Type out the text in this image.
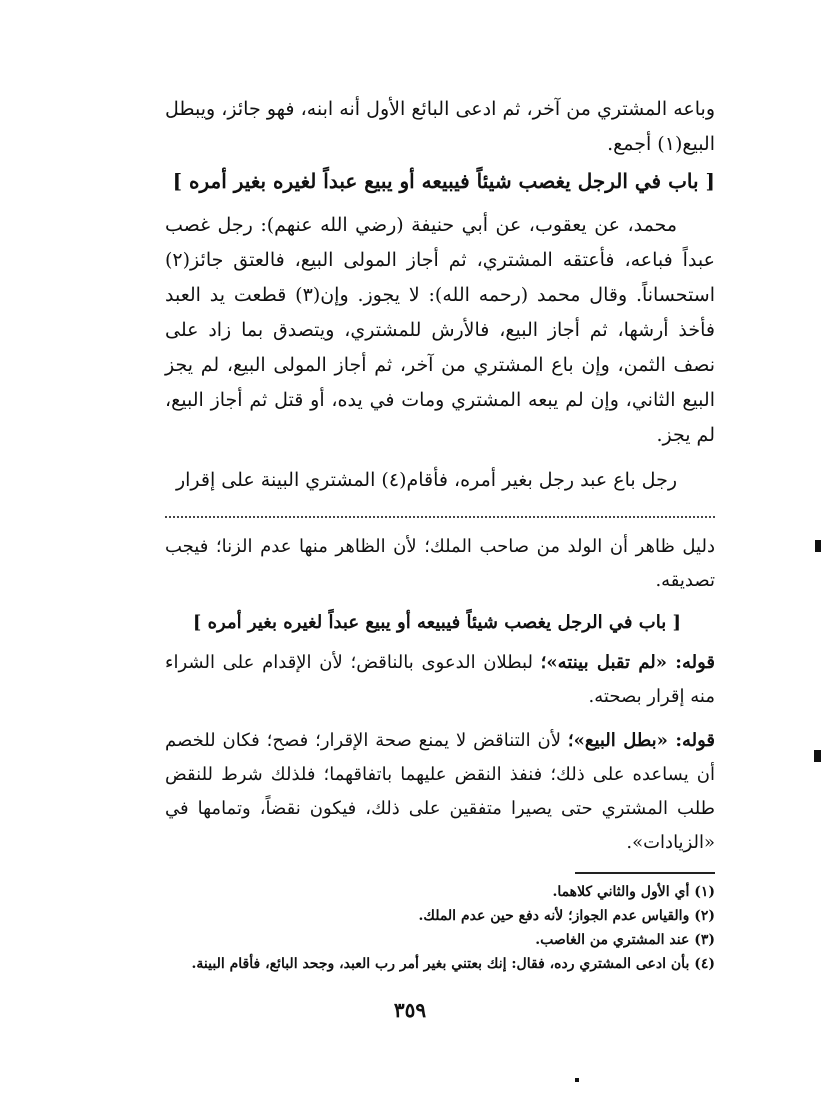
وباعه المشتري من آخر، ثم ادعى البائع الأول أنه ابنه، فهو جائز، ويبطل البيع(١) أجمع.

[ باب في الرجل يغصب شيئاً فيبيعه أو يبيع عبداً لغيره بغير أمره ]

محمد، عن يعقوب، عن أبي حنيفة (رضي الله عنهم): رجل غصب عبداً فباعه، فأعتقه المشتري، ثم أجاز المولى البيع، فالعتق جائز(٢) استحساناً. وقال محمد (رحمه الله): لا يجوز. وإن(٣) قطعت يد العبد فأخذ أرشها، ثم أجاز البيع، فالأرش للمشتري، ويتصدق بما زاد على نصف الثمن، وإن باع المشتري من آخر، ثم أجاز المولى البيع، لم يجز البيع الثاني، وإن لم يبعه المشتري ومات في يده، أو قتل ثم أجاز البيع، لم يجز.

رجل باع عبد رجل بغير أمره، فأقام(٤) المشتري البينة على إقرار

دليل ظاهر أن الولد من صاحب الملك؛ لأن الظاهر منها عدم الزنا؛ فيجب تصديقه.

[ باب في الرجل يغصب شيئاً فيبيعه أو يبيع عبداً لغيره بغير أمره ]

قوله: «لم تقبل بينته»؛ لبطلان الدعوى بالناقض؛ لأن الإقدام على الشراء منه إقرار بصحته.

قوله: «بطل البيع»؛ لأن التناقض لا يمنع صحة الإقرار؛ فصح؛ فكان للخصم أن يساعده على ذلك؛ فنفذ النقض عليهما باتفاقهما؛ فلذلك شرط للنقض طلب المشتري حتى يصيرا متفقين على ذلك، فيكون نقضاً، وتمامها في «الزيادات».

(١) أي الأول والثاني كلاهما.

(٢) والقياس عدم الجواز؛ لأنه دفع حين عدم الملك.

(٣) عند المشتري من الغاصب.

(٤) بأن ادعى المشتري رده، فقال: إنك بعتني بغير أمر رب العبد، وجحد البائع، فأقام البينة.

٣٥٩
